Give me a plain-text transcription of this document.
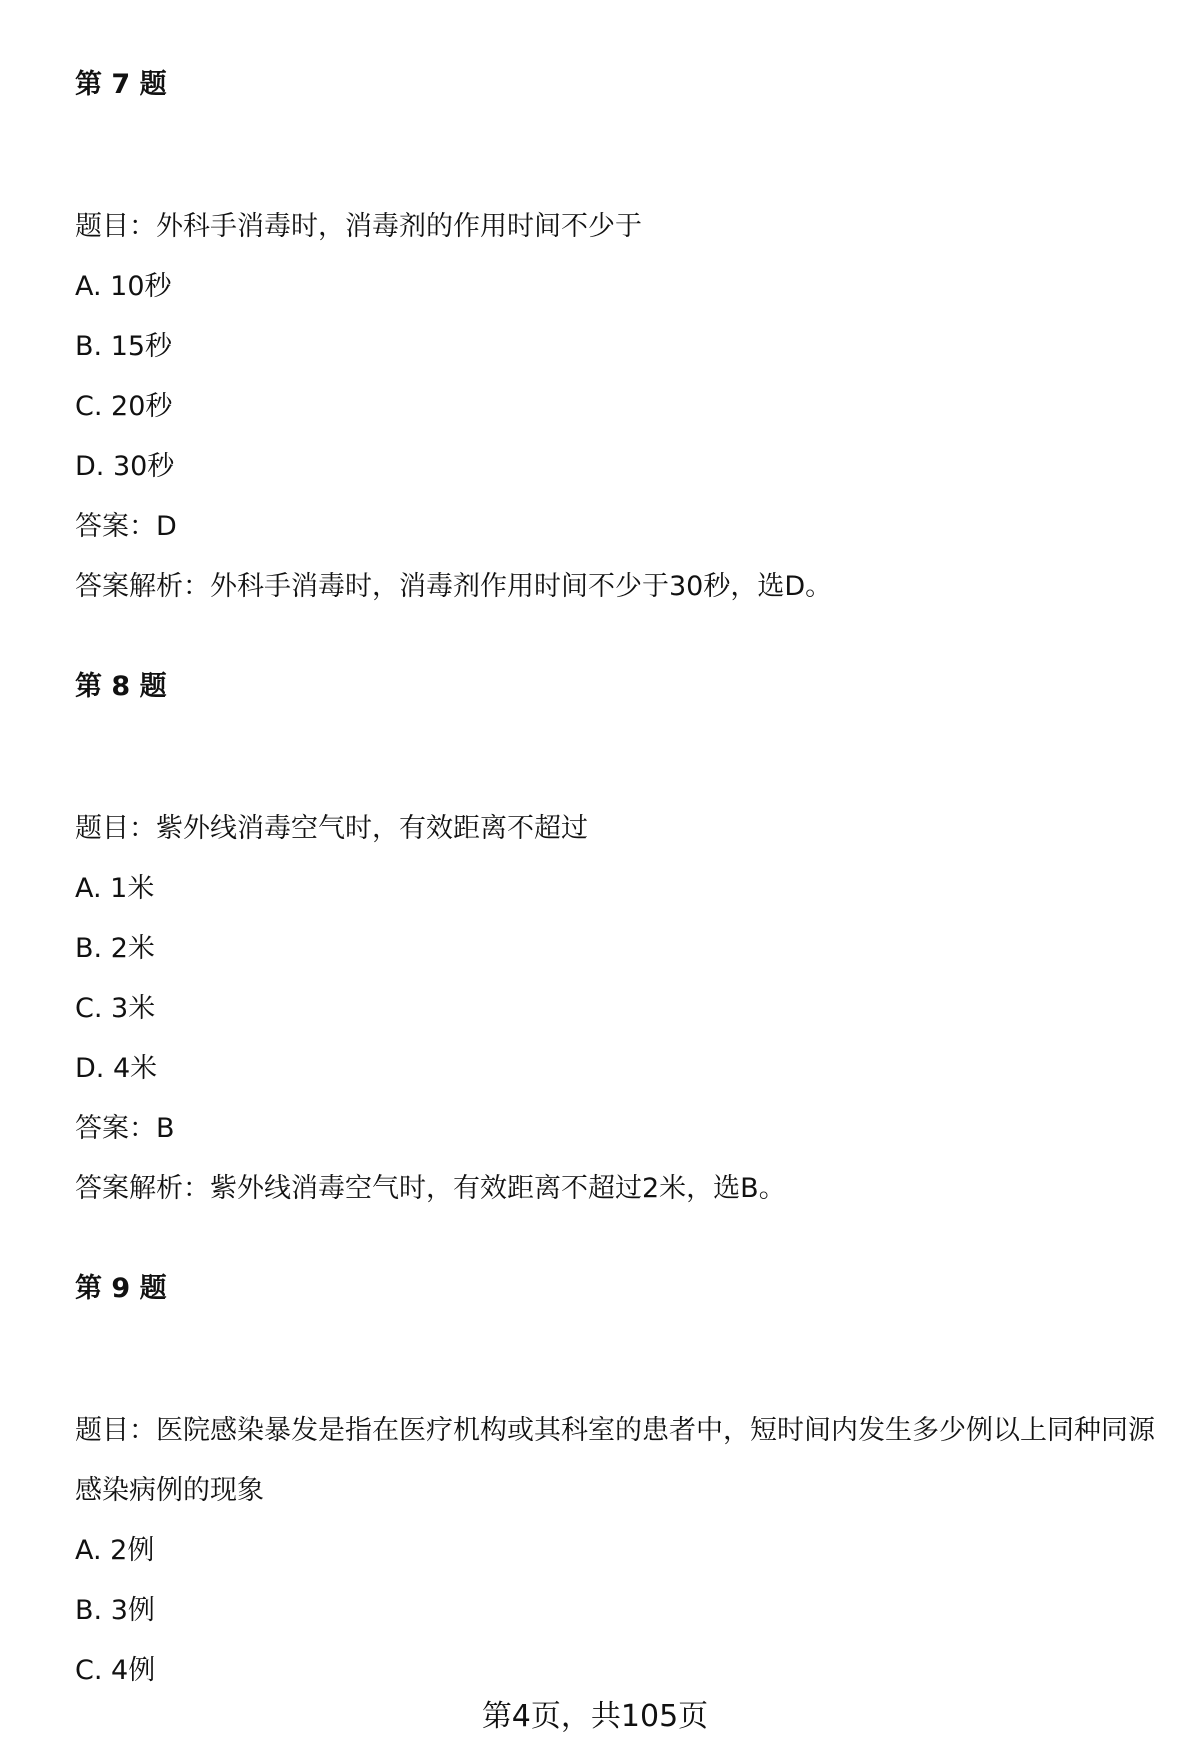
第 7 题
题目：外科手消毒时，消毒剂的作用时间不少于
A. 10秒
B. 15秒
C. 20秒
D. 30秒
答案：D
答案解析：外科手消毒时，消毒剂作用时间不少于30秒，选D。
第 8 题
题目：紫外线消毒空气时，有效距离不超过
A. 1米
B. 2米
C. 3米
D. 4米
答案：B
答案解析：紫外线消毒空气时，有效距离不超过2米，选B。
第 9 题
题目：医院感染暴发是指在医疗机构或其科室的患者中，短时间内发生多少例以上同种同源感染病例的现象
A. 2例
B. 3例
C. 4例
第4页，共105页
